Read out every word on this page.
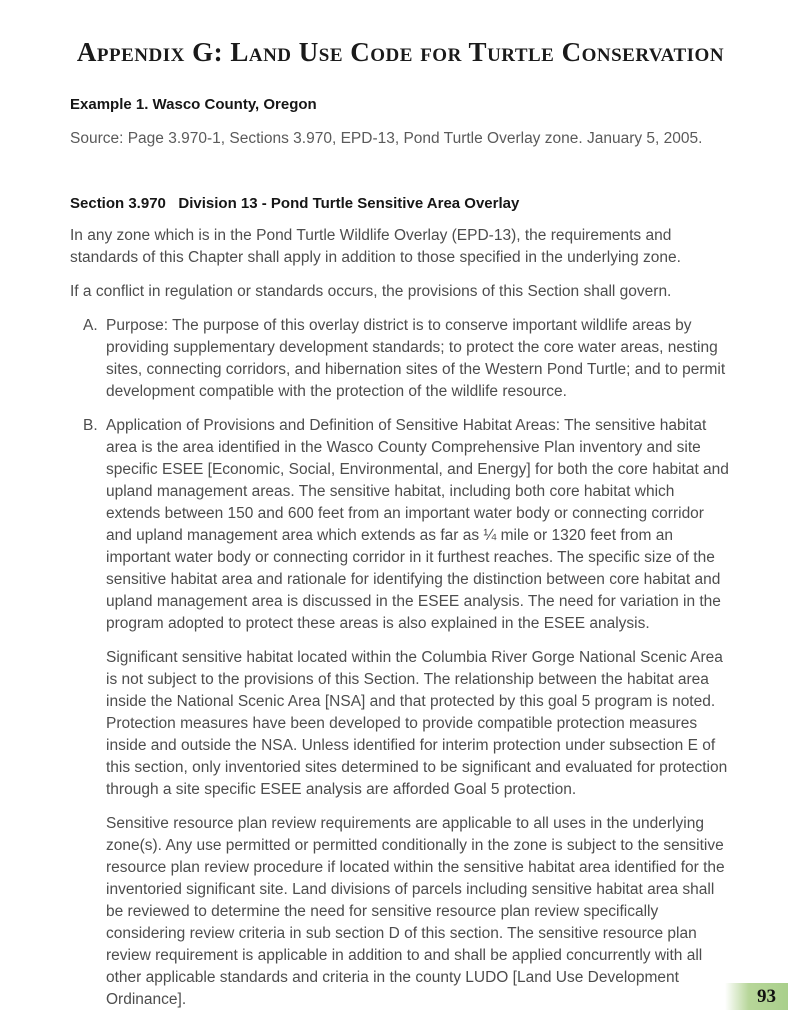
Appendix G: Land Use Code for Turtle Conservation
Example 1. Wasco County, Oregon
Source: Page 3.970-1, Sections 3.970, EPD-13, Pond Turtle Overlay zone. January 5, 2005.
Section 3.970   Division 13 - Pond Turtle Sensitive Area Overlay
In any zone which is in the Pond Turtle Wildlife Overlay (EPD-13), the requirements and standards of this Chapter shall apply in addition to those specified in the underlying zone.
If a conflict in regulation or standards occurs, the provisions of this Section shall govern.
A. Purpose: The purpose of this overlay district is to conserve important wildlife areas by providing supplementary development standards; to protect the core water areas, nesting sites, connecting corridors, and hibernation sites of the Western Pond Turtle; and to permit development compatible with the protection of the wildlife resource.
B. Application of Provisions and Definition of Sensitive Habitat Areas: The sensitive habitat area is the area identified in the Wasco County Comprehensive Plan inventory and site specific ESEE [Economic, Social, Environmental, and Energy] for both the core habitat and upland management areas. The sensitive habitat, including both core habitat which extends between 150 and 600 feet from an important water body or connecting corridor and upland management area which extends as far as ¼ mile or 1320 feet from an important water body or connecting corridor in it furthest reaches. The specific size of the sensitive habitat area and rationale for identifying the distinction between core habitat and upland management area is discussed in the ESEE analysis. The need for variation in the program adopted to protect these areas is also explained in the ESEE analysis.
Significant sensitive habitat located within the Columbia River Gorge National Scenic Area is not subject to the provisions of this Section. The relationship between the habitat area inside the National Scenic Area [NSA] and that protected by this goal 5 program is noted. Protection measures have been developed to provide compatible protection measures inside and outside the NSA. Unless identified for interim protection under subsection E of this section, only inventoried sites determined to be significant and evaluated for protection through a site specific ESEE analysis are afforded Goal 5 protection.
Sensitive resource plan review requirements are applicable to all uses in the underlying zone(s). Any use permitted or permitted conditionally in the zone is subject to the sensitive resource plan review procedure if located within the sensitive habitat area identified for the inventoried significant site. Land divisions of parcels including sensitive habitat area shall be reviewed to determine the need for sensitive resource plan review specifically considering review criteria in sub section D of this section. The sensitive resource plan review requirement is applicable in addition to and shall be applied concurrently with all other applicable standards and criteria in the county LUDO [Land Use Development Ordinance].	93
